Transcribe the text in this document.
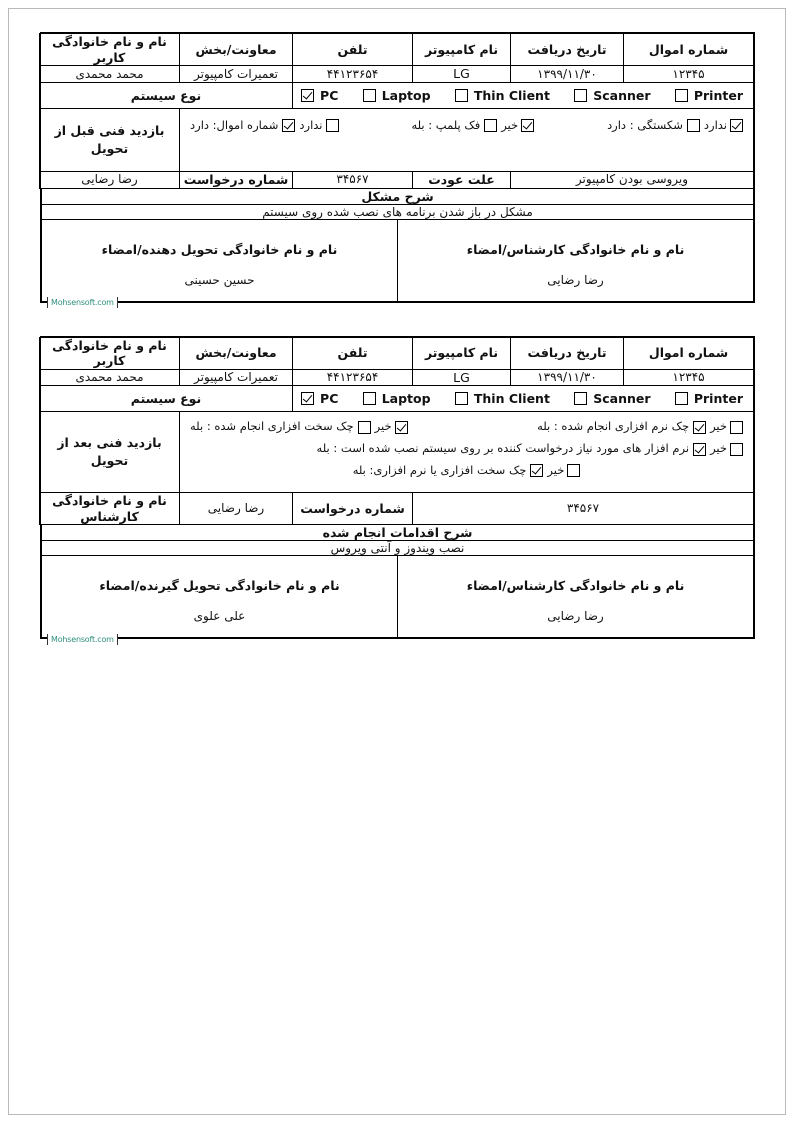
شماره اموال	تاریخ دریافت	نام کامپیوتر	تلفن	معاونت/بخش	نام و نام خانوادگی کاربر
۱۲۳۴۵	۱۳۹۹/۱۱/۳۰	LG	۴۴۱۲۳۶۵۴	تعمیرات کامپیوتر	محمد محمدی

PC Laptop Thin Client Scanner Printer				نوع سیستم	

شماره اموال: دارد ندارد	فک پلمپ : بله خیر	شکستگی : دارد ندارد
	بازدید فنی قبل از تحویل
ویروسی بودن کامپیوتر		علت عودت	۳۴۵۶۷	شماره درخواست	رضا رضایی
شرح مشکل
مشکل در باز شدن برنامه های نصب شده روی سیستم
نام و نام خانوادگی کارشناس/امضاء
رضا رضایی

نام و نام خانوادگی تحویل دهنده/امضاء
حسین حسینی
Mohsensoft.com
شماره اموال	تاریخ دریافت	نام کامپیوتر	تلفن	معاونت/بخش	نام و نام خانوادگی کاربر
۱۲۳۴۵	۱۳۹۹/۱۱/۳۰	LG	۴۴۱۲۳۶۵۴	تعمیرات کامپیوتر	محمد محمدی

PC Laptop Thin Client Scanner Printer				نوع سیستم	

چک سخت افزاری انجام شده : بله خیر	چک نرم افزاری انجام شده : بله خیر
نرم افزار های مورد نیاز درخواست کننده بر روی سیستم نصب شده است : بله خیر
چک سخت افزاری یا نرم افزاری: بله خیر
	بازدید فنی بعد از تحویل
۳۴۵۶۷			شماره درخواست	رضا رضایی	نام و نام خانوادگی کارشناس
شرح اقدامات انجام شده
نصب ویندوز و آنتی ویروس
نام و نام خانوادگی کارشناس/امضاء
رضا رضایی

نام و نام خانوادگی تحویل گیرنده/امضاء
علی علوی
Mohsensoft.com
